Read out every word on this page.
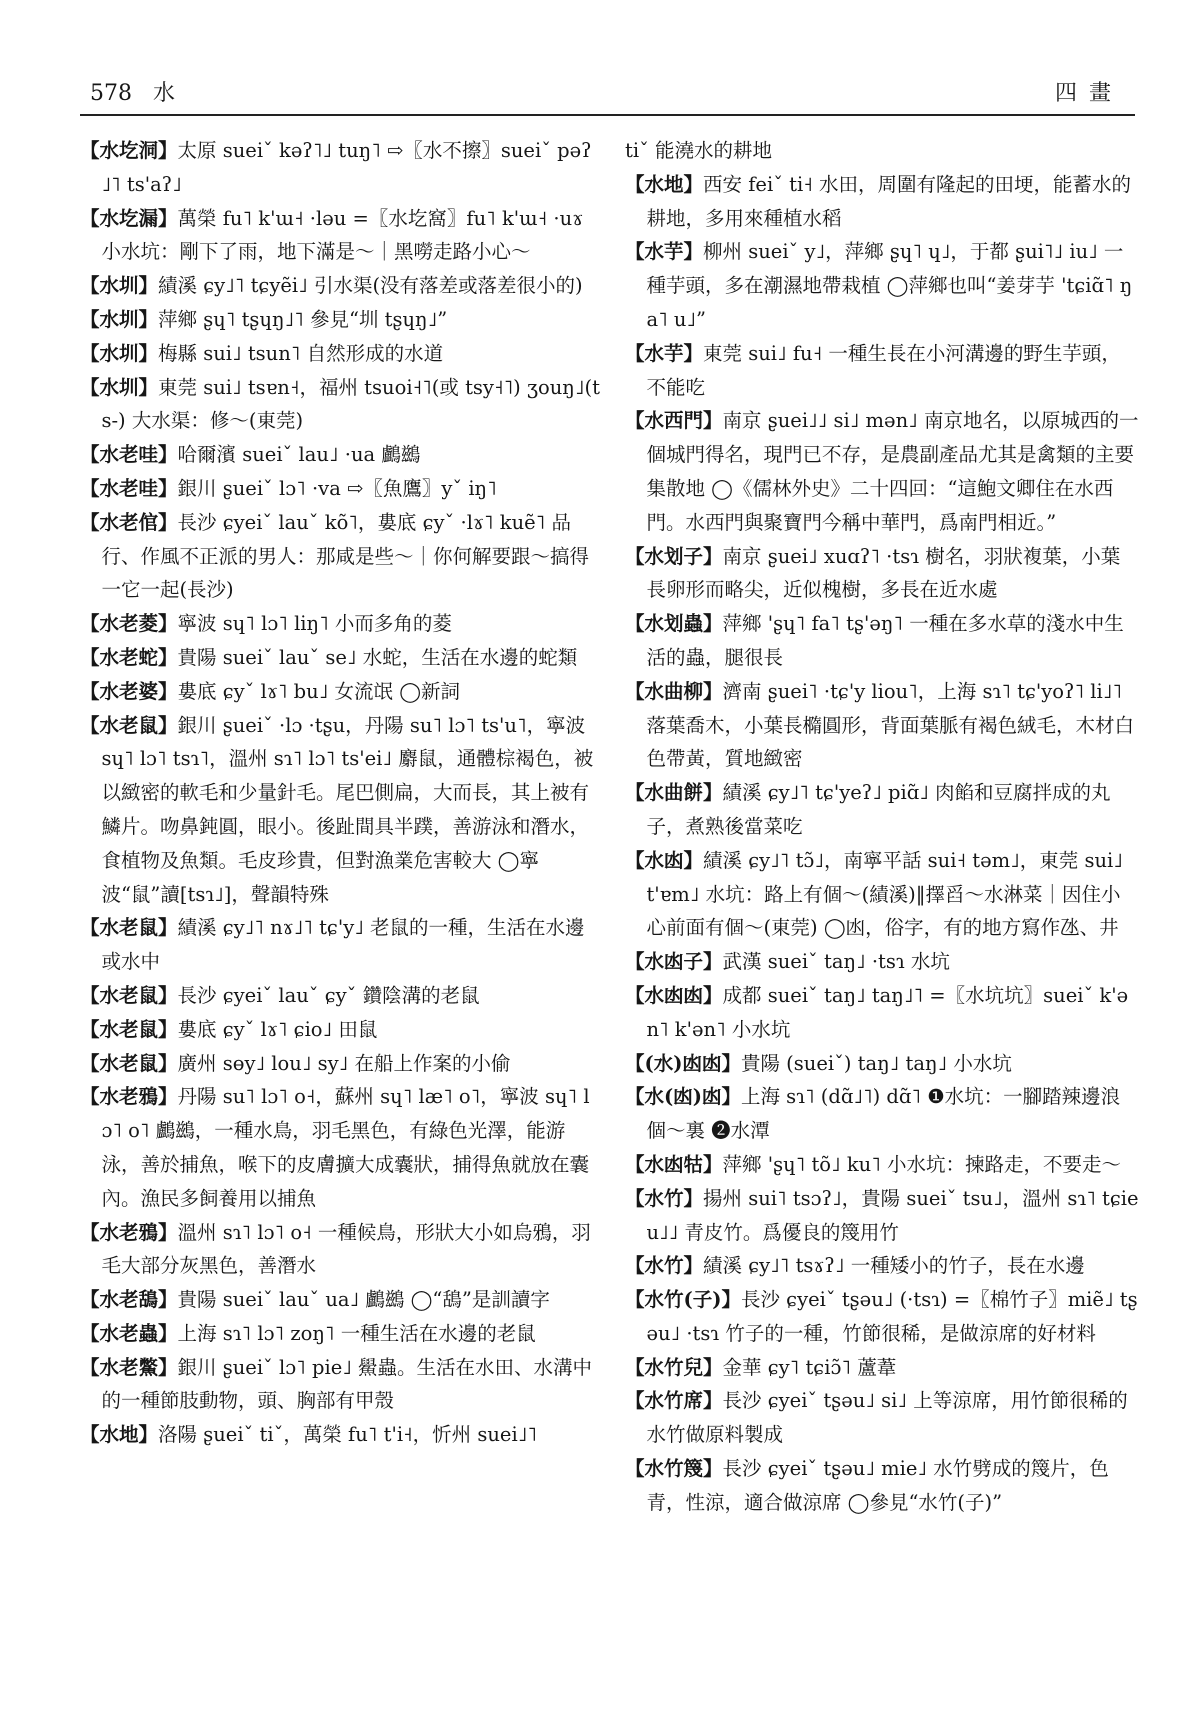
578 水	四畫
【水圪洞】太原 sueiˇ kəʔ˥˩ tuŋ˥ ⇨〖水不擦〗sueiˇ pəʔ˩˥ ts'aʔ˩
【水圪漏】萬榮 fu˥ k'ɯ˧ ·ləu =〖水圪窩〗fu˥ k'ɯ˧ ·uɤ 小水坑：剛下了雨，地下滿是～｜黑嘮走路小心～
【水圳】績溪 ɕy˩˥ tɕyẽi˩ 引水渠(没有落差或落差很小的)
【水圳】萍鄉 ʂɥ˥ tʂɥŋ˩˥ 參見“圳 tʂɥŋ˩”
【水圳】梅縣 sui˩ tsun˥ 自然形成的水道
【水圳】東莞 sui˩ tsɐn˧，福州 tsuoi˧˥(或 tsy˧˥) ʒouŋ˩(ts-) 大水渠：修～(東莞)
【水老哇】哈爾濱 sueiˇ lau˩ ·ua 鸕鷀
【水老哇】銀川 ʂueiˇ lɔ˥ ·va ⇨〖魚鷹〗yˇ iŋ˥
【水老倌】長沙 ɕyeiˇ lauˇ kõ˥，婁底 ɕyˇ ·lɤ˥ kuẽ˥ 品行、作風不正派的男人：那咸是些～｜你何解要跟～搞得一它一起(長沙)
【水老菱】寧波 sɥ˥ lɔ˥ liŋ˥ 小而多角的菱
【水老蛇】貴陽 sueiˇ lauˇ se˩ 水蛇，生活在水邊的蛇類
【水老婆】婁底 ɕyˇ lɤ˥ bu˩ 女流氓 ◯新詞
【水老鼠】銀川 ʂueiˇ ·lɔ ·tʂu，丹陽 su˥ lɔ˥ ts'u˥，寧波 sɥ˥ lɔ˥ tsɿ˥，溫州 sɿ˥ lɔ˥ ts'ei˩ 麝鼠，通體棕褐色，被以緻密的軟毛和少量針毛。尾巴側扁，大而長，其上被有鱗片。吻鼻鈍圓，眼小。後趾間具半蹼，善游泳和潛水，食植物及魚類。毛皮珍貴，但對漁業危害較大 ◯寧波“鼠”讀[tsɿ˩]，聲韻特殊
【水老鼠】績溪 ɕy˩˥ nɤ˩˥ tɕ'y˩ 老鼠的一種，生活在水邊或水中
【水老鼠】長沙 ɕyeiˇ lauˇ ɕyˇ 鑽陰溝的老鼠
【水老鼠】婁底 ɕyˇ lɤ˥ ɕio˩ 田鼠
【水老鼠】廣州 sɵy˩ lou˩ sy˩ 在船上作案的小偷
【水老鴉】丹陽 su˥ lɔ˥ o˧，蘇州 sɥ˥ læ˥ o˥，寧波 sɥ˥ lɔ˥ o˥ 鸕鷀，一種水鳥，羽毛黑色，有綠色光澤，能游泳，善於捕魚，喉下的皮膚擴大成囊狀，捕得魚就放在囊內。漁民多飼養用以捕魚
【水老鴉】溫州 sɿ˥ lɔ˥ o˧ 一種候鳥，形狀大小如烏鴉，羽毛大部分灰黑色，善潛水
【水老鴰】貴陽 sueiˇ lauˇ ua˩ 鸕鷀 ◯“鴰”是訓讀字
【水老蟲】上海 sɿ˥ lɔ˥ zoŋ˥ 一種生活在水邊的老鼠
【水老鱉】銀川 ʂueiˇ lɔ˥ pie˩ 鱟蟲。生活在水田、水溝中的一種節肢動物，頭、胸部有甲殼
【水地】洛陽 ʂueiˇ tiˇ，萬榮 fu˥ t'i˧，忻州 suei˩˥
tiˇ 能澆水的耕地
【水地】西安 feiˇ ti˧ 水田，周圍有隆起的田埂，能蓄水的耕地，多用來種植水稻
【水芋】柳州 sueiˇ y˩，萍鄉 ʂɥ˥ ɥ˩，于都 ʂui˥˩ iu˩ 一種芋頭，多在潮濕地帶栽植 ◯萍鄉也叫“姜芽芋 'tɕiɑ̃˥ ŋa˥ u˩”
【水芋】東莞 sui˩ fu˧ 一種生長在小河溝邊的野生芋頭，不能吃
【水西門】南京 ʂuei˩˩ si˩ mən˩ 南京地名，以原城西的一個城門得名，現門已不存，是農副產品尤其是禽類的主要集散地 ◯《儒林外史》二十四回：“這鮑文卿住在水西門。水西門與聚寶門今稱中華門，爲南門相近。”
【水划子】南京 ʂuei˩ xuɑʔ˥ ·tsɿ 樹名，羽狀複葉，小葉長卵形而略尖，近似槐樹，多長在近水處
【水划蟲】萍鄉 'ʂɥ˥ fa˥ tʂ'əŋ˥ 一種在多水草的淺水中生活的蟲，腿很長
【水曲柳】濟南 ʂuei˥ ·tɕ'y liou˥，上海 sɿ˥ tɕ'yoʔ˥ li˩˥ 落葉喬木，小葉長橢圓形，背面葉脈有褐色絨毛，木材白色帶黃，質地緻密
【水曲餅】績溪 ɕy˩˥ tɕ'yeʔ˩ piɑ̃˩ 肉餡和豆腐拌成的丸子，煮熟後當菜吃
【水凼】績溪 ɕy˩˥ tɔ̃˩，南寧平話 sui˧ təm˩，東莞 sui˩ t'ɐm˩ 水坑：路上有個～(績溪)‖擇舀～水淋菜｜因住小心前面有個～(東莞) ◯凼，俗字，有的地方寫作氹、井
【水凼子】武漢 sueiˇ taŋ˩ ·tsɿ 水坑
【水凼凼】成都 sueiˇ taŋ˩ taŋ˩˥ =〖水坑坑〗sueiˇ k'ən˥ k'ən˥ 小水坑
【(水)凼凼】貴陽 (sueiˇ) taŋ˩ taŋ˩ 小水坑
【水(凼)凼】上海 sɿ˥ (dɑ̃˩˥) dɑ̃˥ ❶水坑：一腳踏辣邊浪個～裏 ❷水潭
【水凼牯】萍鄉 'ʂɥ˥ tõ˩ ku˥ 小水坑：揀路走，不要走～
【水竹】揚州 sui˥ tsɔʔ˩，貴陽 sueiˇ tsu˩，溫州 sɿ˥ tɕieu˩˩ 青皮竹。爲優良的篾用竹
【水竹】績溪 ɕy˩˥ tsɤʔ˩ 一種矮小的竹子，長在水邊
【水竹(子)】長沙 ɕyeiˇ tʂəu˩ (·tsɿ) =〖棉竹子〗miẽ˩ tʂəu˩ ·tsɿ 竹子的一種，竹節很稀，是做涼席的好材料
【水竹兒】金華 ɕy˥ tɕiɔ̃˥ 蘆葦
【水竹席】長沙 ɕyeiˇ tʂəu˩ si˩ 上等涼席，用竹節很稀的水竹做原料製成
【水竹篾】長沙 ɕyeiˇ tʂəu˩ mie˩ 水竹劈成的篾片，色青，性涼，適合做涼席 ◯參見“水竹(子)”
